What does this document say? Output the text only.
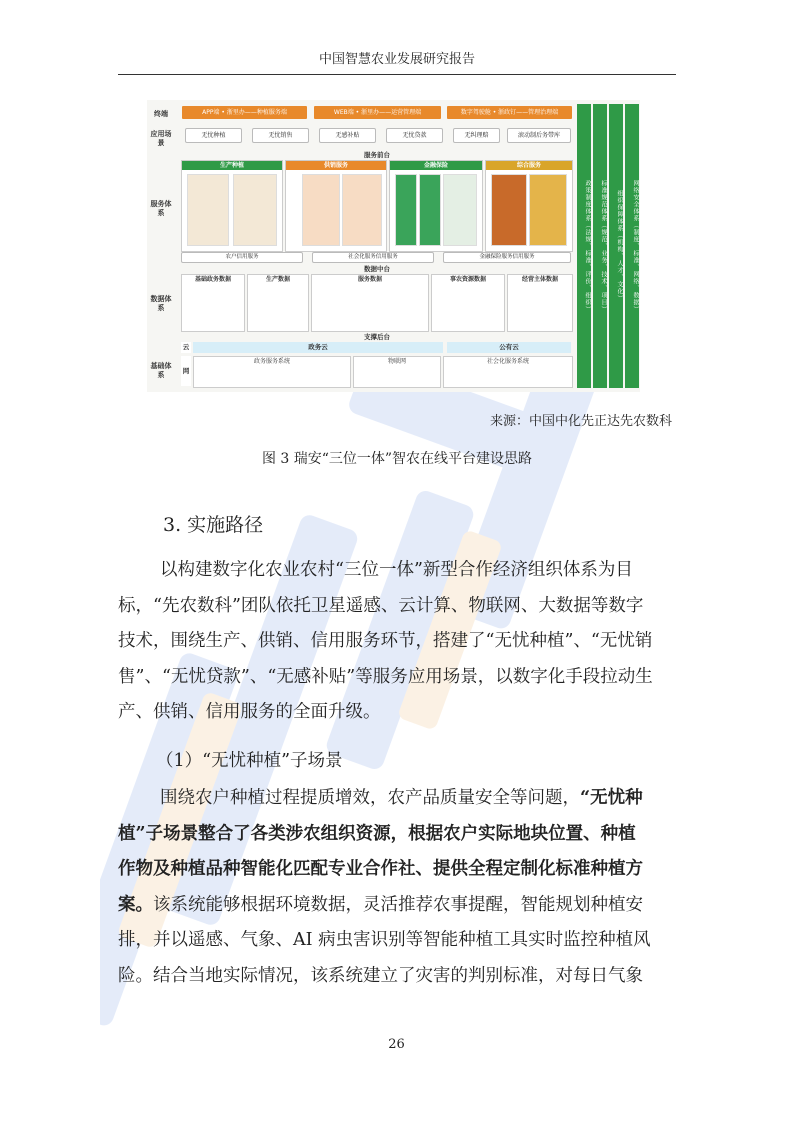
中国智慧农业发展研究报告
终端
应用场景
服务体系
数据体系
基础体系
APP端 • 浙里办——种植服务端	WEB端 • 浙里办——运营管理端	数字驾驶舱 • 浙政钉——管理治理端
无忧种植	无忧销售	无感补贴	无忧贷款	无纠理赔	滚动制后务带库
服务前台
生产种植	供销服务	金融保险	综合服务
农户信用服务	社会化服务信用服务	金融保险服务信用服务
数据中台
基础政务数据	生产数据	服务数据	事农资源数据	经营主体数据
支撑后台
云	政务云	公有云
网
政务服务系统	物联网	社会化服务系统
政策制度体系（法规、标准、评价、组织）	标准规范体系（规范、业务、技术、项目）	组织保障体系（机构、人才、文化）	网络安全体系（制度、标准、网络、数据）
来源：中国中化先正达先农数科
图 3 瑞安“三位一体”智农在线平台建设思路
3. 实施路径
以构建数字化农业农村“三位一体”新型合作经济组织体系为目
标，“先农数科”团队依托卫星遥感、云计算、物联网、大数据等数字
技术，围绕生产、供销、信用服务环节，搭建了“无忧种植”、“无忧销
售”、“无忧贷款”、“无感补贴”等服务应用场景，以数字化手段拉动生
产、供销、信用服务的全面升级。
（1）“无忧种植”子场景
围绕农户种植过程提质增效，农产品质量安全等问题，“无忧种
植”子场景整合了各类涉农组织资源，根据农户实际地块位置、种植
作物及种植品种智能化匹配专业合作社、提供全程定制化标准种植方
案。该系统能够根据环境数据，灵活推荐农事提醒，智能规划种植安
排，并以遥感、气象、AI 病虫害识别等智能种植工具实时监控种植风
险。结合当地实际情况，该系统建立了灾害的判别标准，对每日气象
26
